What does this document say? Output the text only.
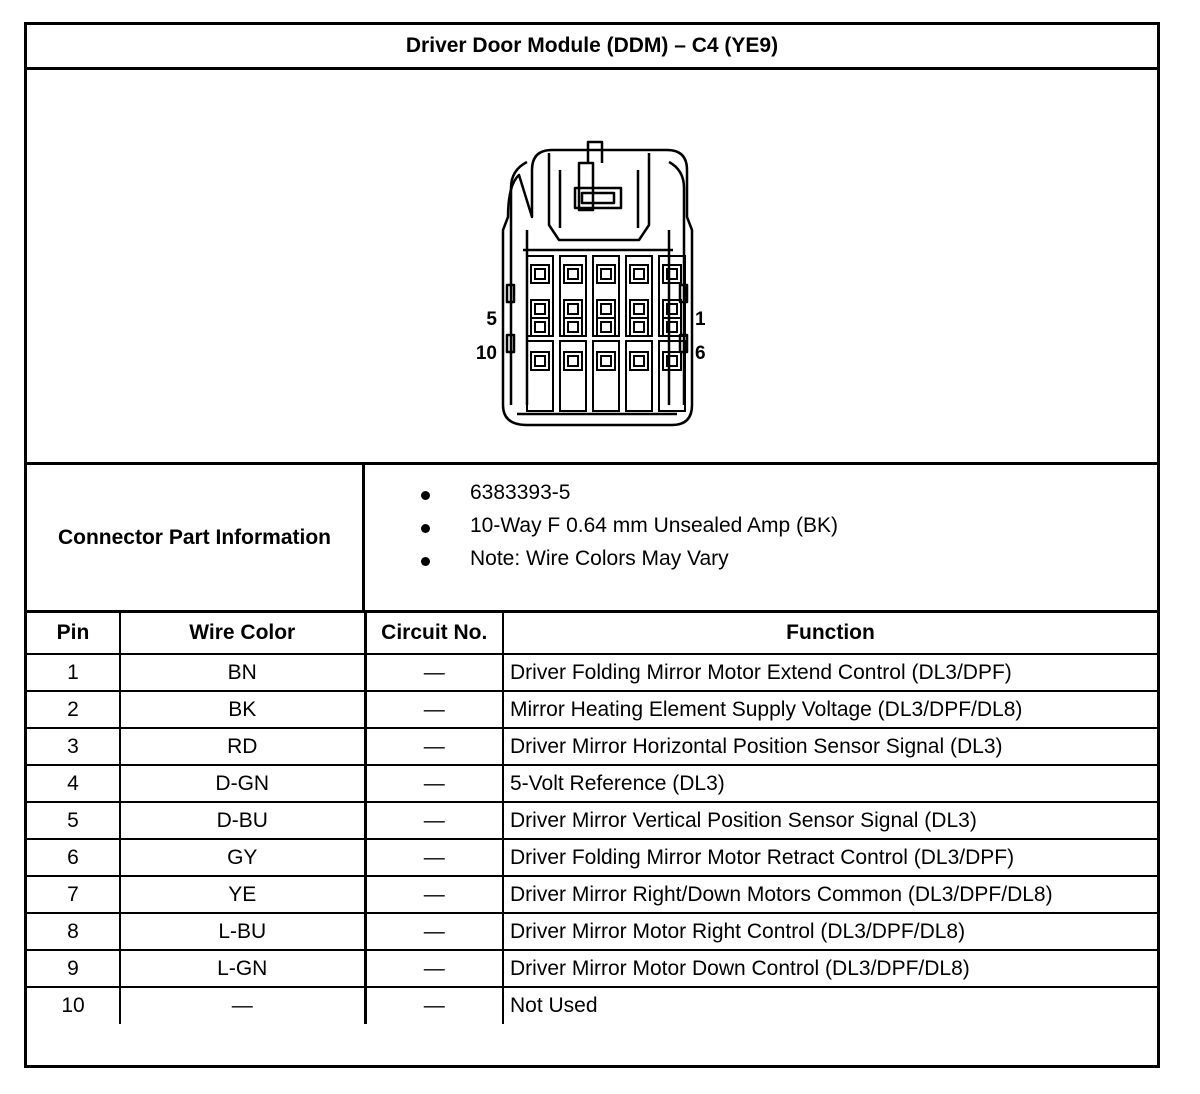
Driver Door Module (DDM) – C4 (YE9)
5
10
1
6
Connector Part Information
6383393-5
10-Way F 0.64 mm Unsealed Amp (BK)
Note: Wire Colors May Vary
Pin	Wire Color	Circuit No.	Function
1	BN	—	Driver Folding Mirror Motor Extend Control (DL3/DPF)
2	BK	—	Mirror Heating Element Supply Voltage (DL3/DPF/DL8)
3	RD	—	Driver Mirror Horizontal Position Sensor Signal (DL3)
4	D-GN	—	5-Volt Reference (DL3)
5	D-BU	—	Driver Mirror Vertical Position Sensor Signal (DL3)
6	GY	—	Driver Folding Mirror Motor Retract Control (DL3/DPF)
7	YE	—	Driver Mirror Right/Down Motors Common (DL3/DPF/DL8)
8	L-BU	—	Driver Mirror Motor Right Control (DL3/DPF/DL8)
9	L-GN	—	Driver Mirror Motor Down Control (DL3/DPF/DL8)
10	—	—	Not Used
